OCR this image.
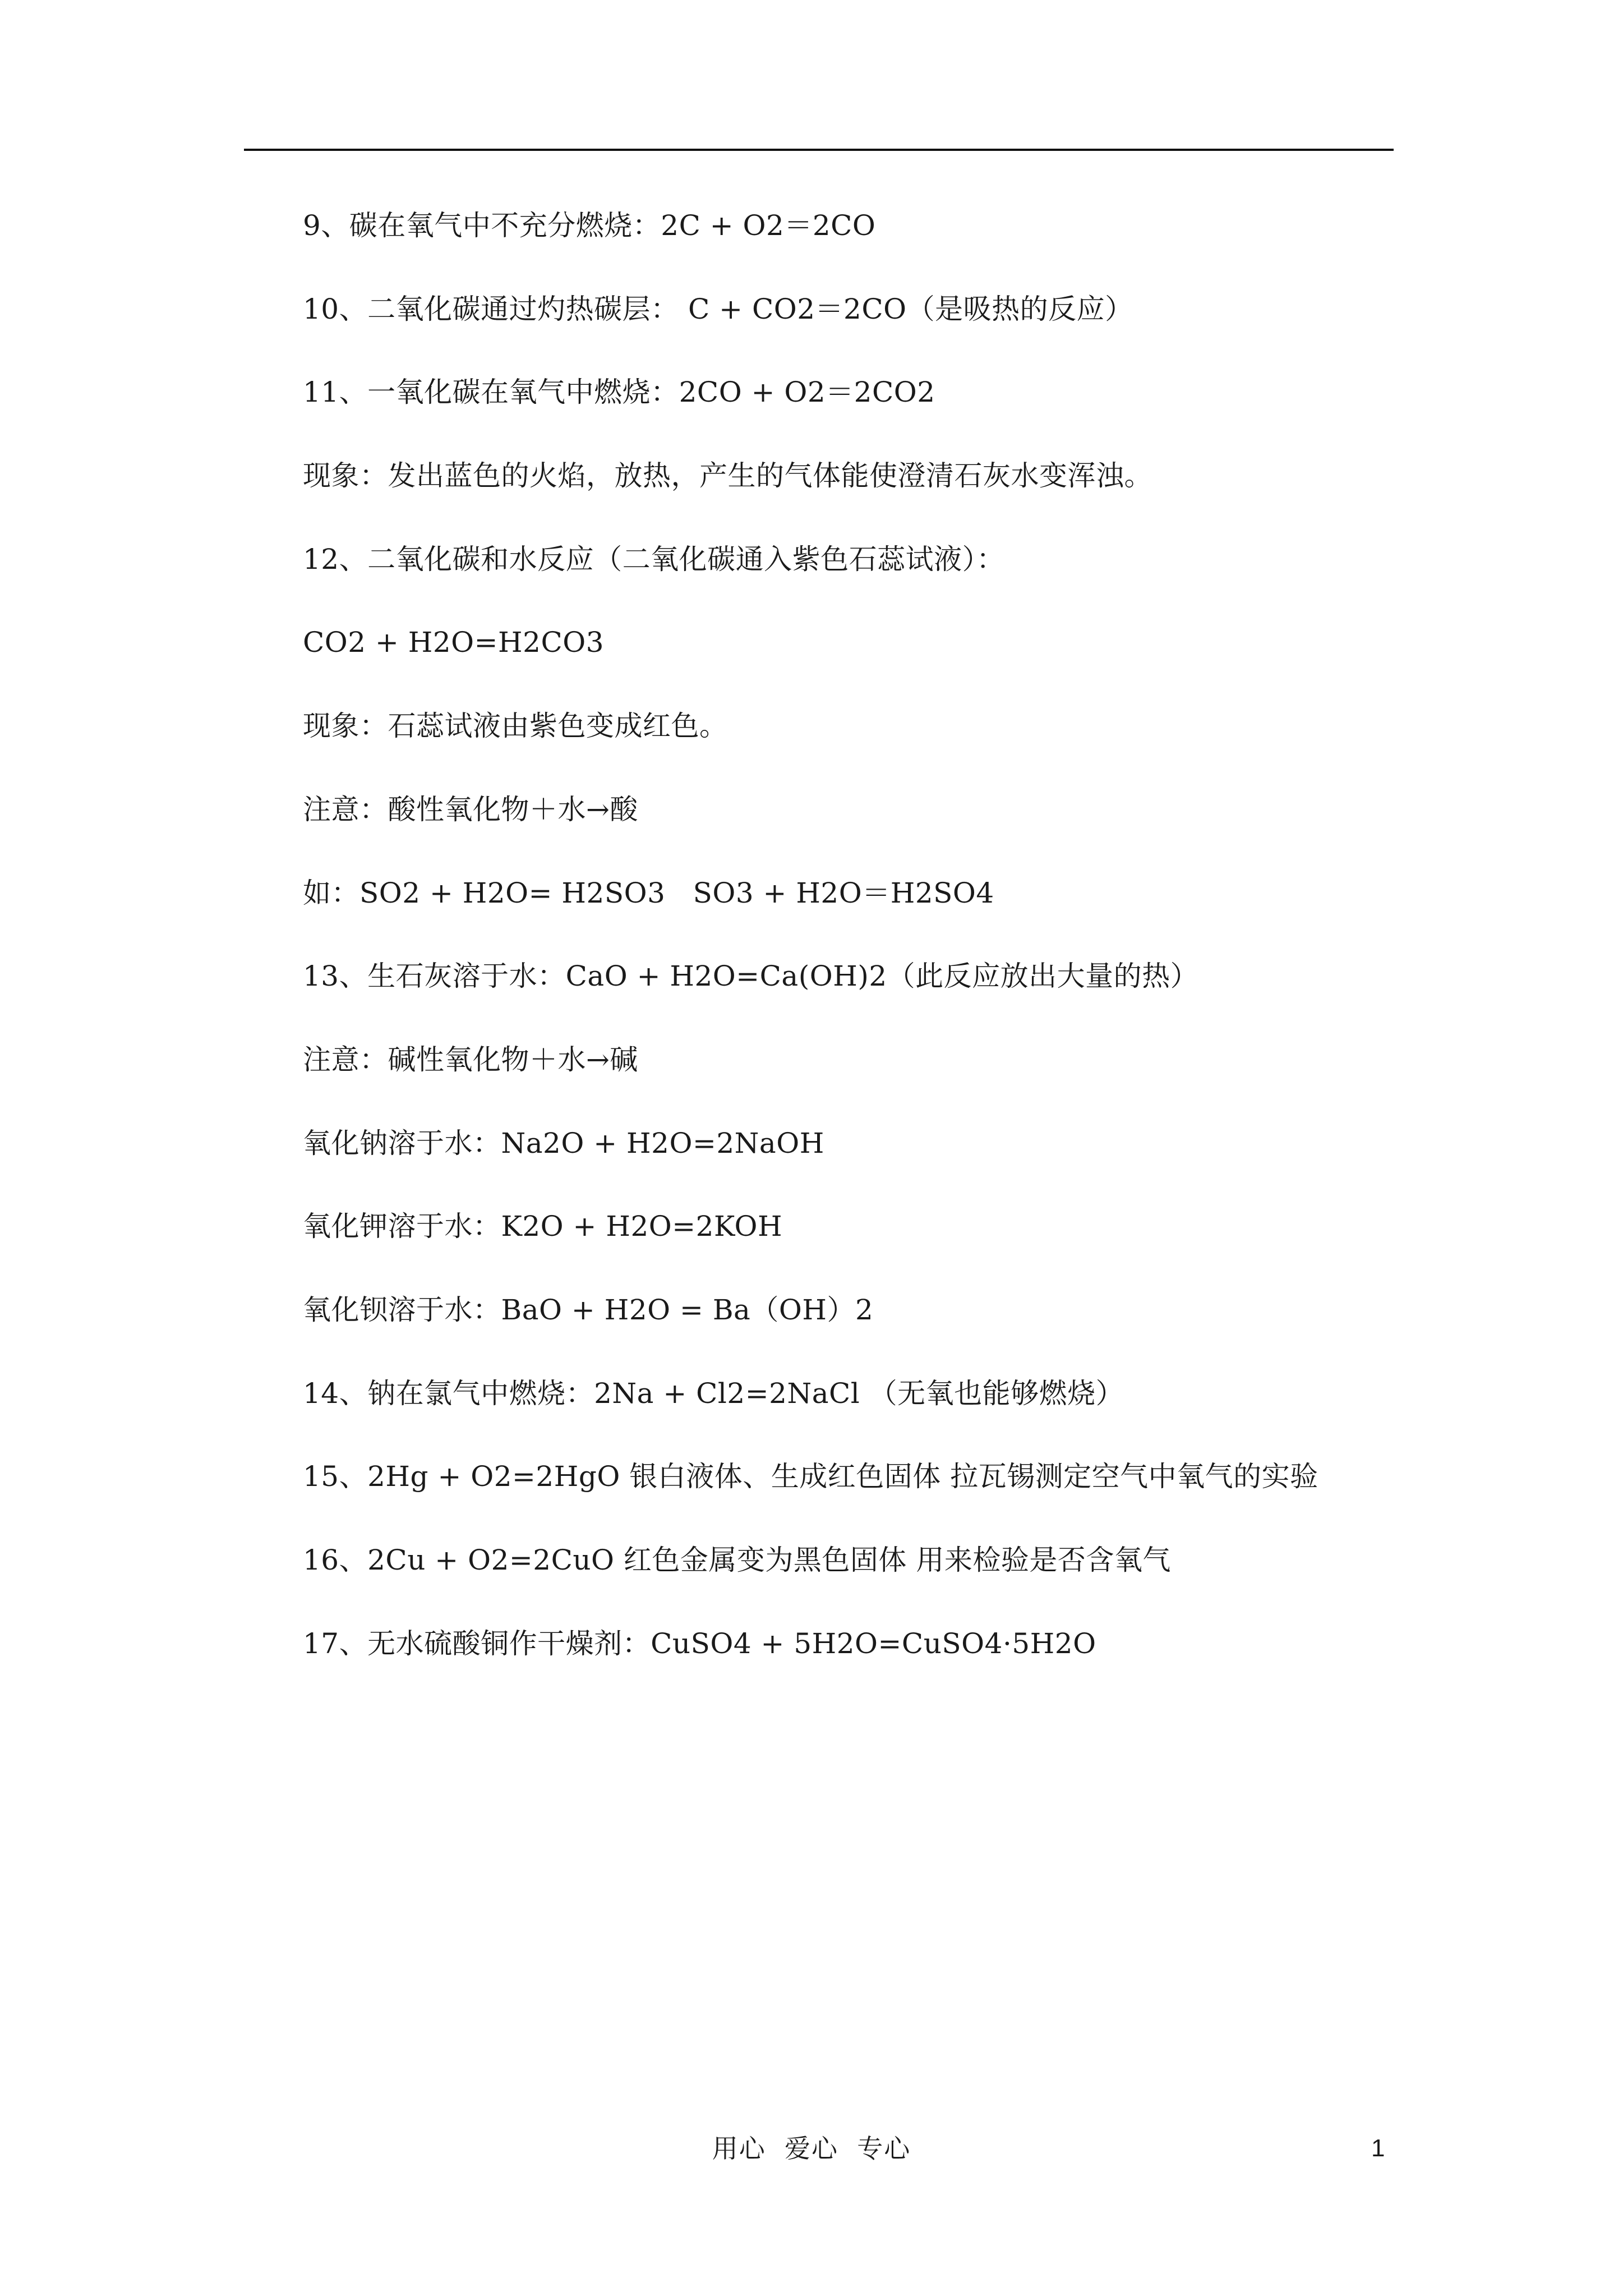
9、碳在氧气中不充分燃烧：2C + O2＝2CO
10、二氧化碳通过灼热碳层： C + CO2＝2CO（是吸热的反应）
11、一氧化碳在氧气中燃烧：2CO + O2＝2CO2
现象：发出蓝色的火焰，放热，产生的气体能使澄清石灰水变浑浊。
12、二氧化碳和水反应（二氧化碳通入紫色石蕊试液）：
CO2 + H2O=H2CO3
现象：石蕊试液由紫色变成红色。
注意：酸性氧化物＋水→酸
如：SO2 + H2O= H2SO3   SO3 + H2O＝H2SO4
13、生石灰溶于水：CaO + H2O=Ca(OH)2（此反应放出大量的热）
注意：碱性氧化物＋水→碱
氧化钠溶于水：Na2O + H2O=2NaOH
氧化钾溶于水：K2O + H2O=2KOH
氧化钡溶于水：BaO + H2O = Ba（OH）2
14、钠在氯气中燃烧：2Na + Cl2=2NaCl （无氧也能够燃烧）
15、2Hg + O2=2HgO 银白液体、生成红色固体 拉瓦锡测定空气中氧气的实验
16、2Cu + O2=2CuO 红色金属变为黑色固体 用来检验是否含氧气
17、无水硫酸铜作干燥剂：CuSO4 + 5H2O=CuSO4·5H2O
用心  爱心  专心	1
